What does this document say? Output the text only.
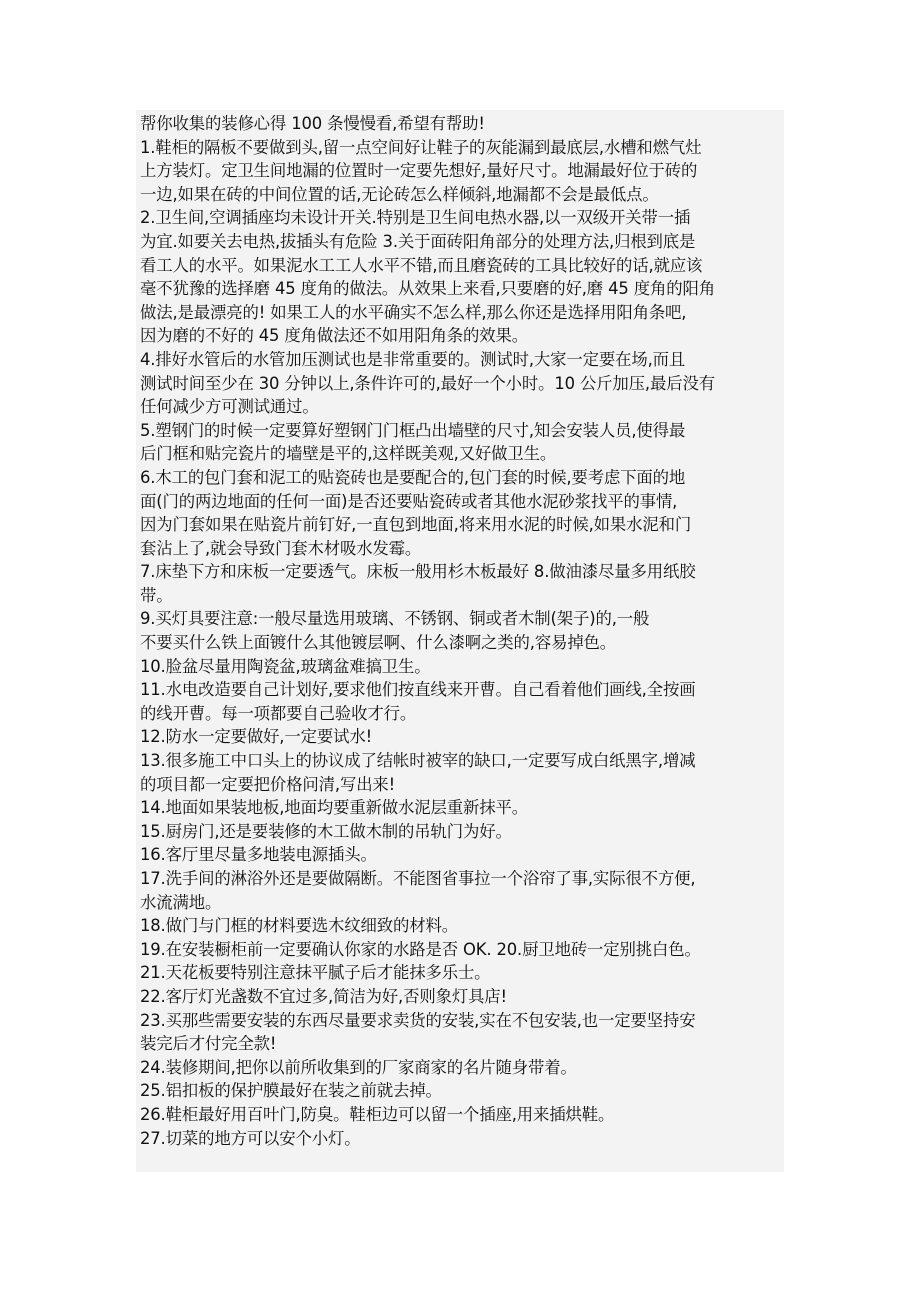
帮你收集的装修心得 100 条慢慢看,希望有帮助!
1.鞋柜的隔板不要做到头,留一点空间好让鞋子的灰能漏到最底层,水槽和燃气灶
上方装灯。定卫生间地漏的位置时一定要先想好,量好尺寸。地漏最好位于砖的
一边,如果在砖的中间位置的话,无论砖怎么样倾斜,地漏都不会是最低点。
2.卫生间,空调插座均未设计开关.特别是卫生间电热水器,以一双级开关带一插
为宜.如要关去电热,拔插头有危险 3.关于面砖阳角部分的处理方法,归根到底是
看工人的水平。如果泥水工工人水平不错,而且磨瓷砖的工具比较好的话,就应该
毫不犹豫的选择磨 45 度角的做法。从效果上来看,只要磨的好,磨 45 度角的阳角
做法,是最漂亮的! 如果工人的水平确实不怎么样,那么你还是选择用阳角条吧,
因为磨的不好的 45 度角做法还不如用阳角条的效果。
4.排好水管后的水管加压测试也是非常重要的。测试时,大家一定要在场,而且
测试时间至少在 30 分钟以上,条件许可的,最好一个小时。10 公斤加压,最后没有
任何减少方可测试通过。
5.塑钢门的时候一定要算好塑钢门门框凸出墙壁的尺寸,知会安装人员,使得最
后门框和贴完瓷片的墙壁是平的,这样既美观,又好做卫生。
6.木工的包门套和泥工的贴瓷砖也是要配合的,包门套的时候,要考虑下面的地
面(门的两边地面的任何一面)是否还要贴瓷砖或者其他水泥砂浆找平的事情,
因为门套如果在贴瓷片前钉好,一直包到地面,将来用水泥的时候,如果水泥和门
套沾上了,就会导致门套木材吸水发霉。
7.床垫下方和床板一定要透气。床板一般用杉木板最好 8.做油漆尽量多用纸胶
带。
9.买灯具要注意:一般尽量选用玻璃、不锈钢、铜或者木制(架子)的,一般
不要买什么铁上面镀什么其他镀层啊、什么漆啊之类的,容易掉色。
10.脸盆尽量用陶瓷盆,玻璃盆难搞卫生。
11.水电改造要自己计划好,要求他们按直线来开曹。自己看着他们画线,全按画
的线开曹。每一项都要自己验收才行。
12.防水一定要做好,一定要试水!
13.很多施工中口头上的协议成了结帐时被宰的缺口,一定要写成白纸黑字,增减
的项目都一定要把价格问清,写出来!
14.地面如果装地板,地面均要重新做水泥层重新抹平。
15.厨房门,还是要装修的木工做木制的吊轨门为好。
16.客厅里尽量多地装电源插头。
17.洗手间的淋浴外还是要做隔断。不能图省事拉一个浴帘了事,实际很不方便,
水流满地。
18.做门与门框的材料要选木纹细致的材料。
19.在安装橱柜前一定要确认你家的水路是否 OK. 20.厨卫地砖一定别挑白色。
21.天花板要特别注意抹平腻子后才能抹多乐士。
22.客厅灯光盏数不宜过多,简洁为好,否则象灯具店!
23.买那些需要安装的东西尽量要求卖货的安装,实在不包安装,也一定要坚持安
装完后才付完全款!
24.装修期间,把你以前所收集到的厂家商家的名片随身带着。
25.铝扣板的保护膜最好在装之前就去掉。
26.鞋柜最好用百叶门,防臭。鞋柜边可以留一个插座,用来插烘鞋。
27.切菜的地方可以安个小灯。
